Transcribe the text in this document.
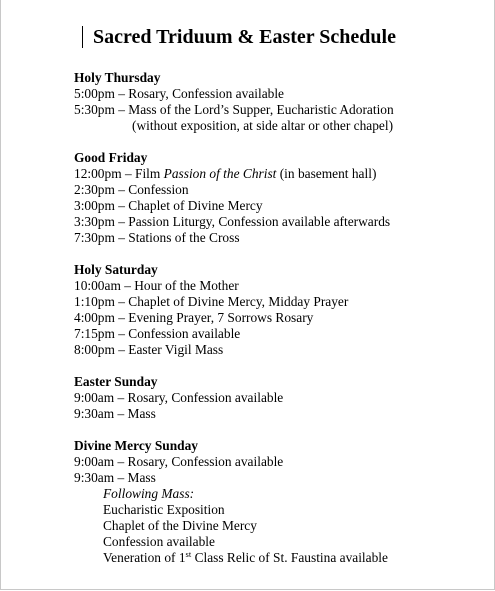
Sacred Triduum & Easter Schedule
Holy Thursday
5:00pm – Rosary, Confession available
5:30pm – Mass of the Lord’s Supper, Eucharistic Adoration
(without exposition, at side altar or other chapel)
Good Friday
12:00pm – Film Passion of the Christ (in basement hall)
2:30pm – Confession
3:00pm – Chaplet of Divine Mercy
3:30pm – Passion Liturgy, Confession available afterwards
7:30pm – Stations of the Cross
Holy Saturday
10:00am – Hour of the Mother
1:10pm – Chaplet of Divine Mercy, Midday Prayer
4:00pm – Evening Prayer, 7 Sorrows Rosary
7:15pm – Confession available
8:00pm – Easter Vigil Mass
Easter Sunday
9:00am – Rosary, Confession available
9:30am – Mass
Divine Mercy Sunday
9:00am – Rosary, Confession available
9:30am – Mass
Following Mass:
Eucharistic Exposition
Chaplet of the Divine Mercy
Confession available
Veneration of 1st Class Relic of St. Faustina available
